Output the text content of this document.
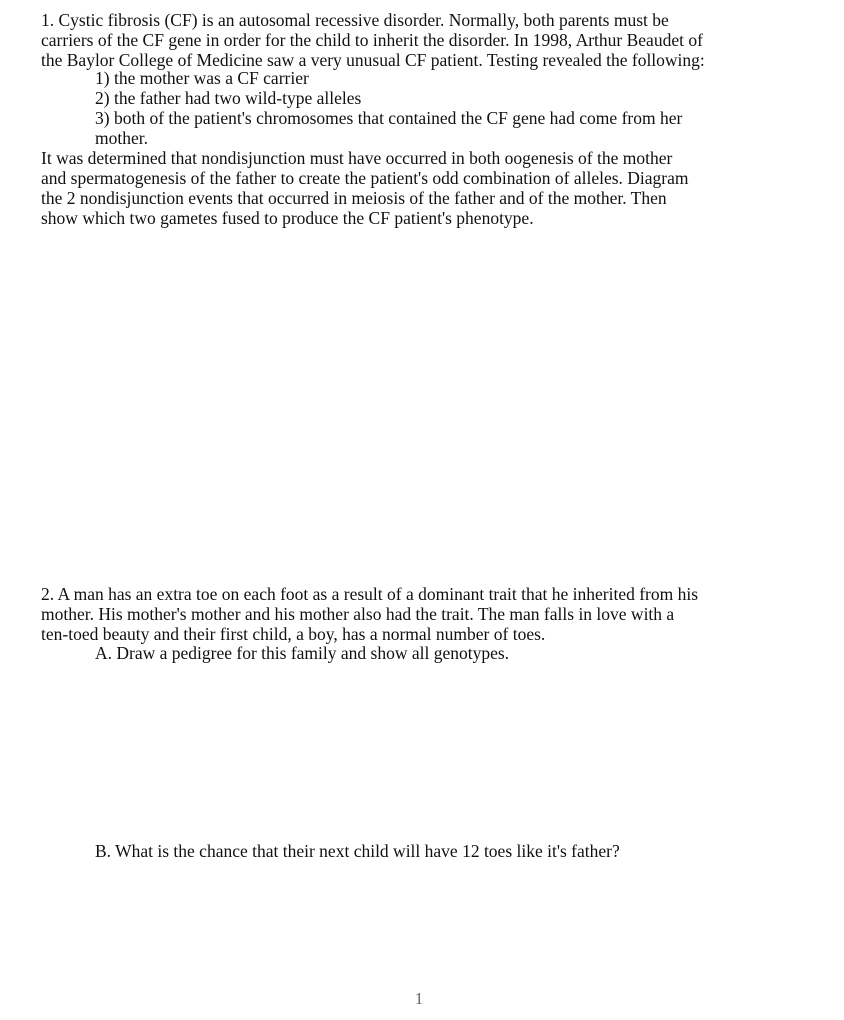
1. Cystic fibrosis (CF) is an autosomal recessive disorder. Normally, both parents must be
carriers of the CF gene in order for the child to inherit the disorder. In 1998, Arthur Beaudet of
the Baylor College of Medicine saw a very unusual CF patient. Testing revealed the following:
1) the mother was a CF carrier
2) the father had two wild-type alleles
3) both of the patient's chromosomes that contained the CF gene had come from her
mother.
It was determined that nondisjunction must have occurred in both oogenesis of the mother
and spermatogenesis of the father to create the patient's odd combination of alleles. Diagram
the 2 nondisjunction events that occurred in meiosis of the father and of the mother. Then
show which two gametes fused to produce the CF patient's phenotype.
2. A man has an extra toe on each foot as a result of a dominant trait that he inherited from his
mother. His mother's mother and his mother also had the trait. The man falls in love with a
ten-toed beauty and their first child, a boy, has a normal number of toes.
A. Draw a pedigree for this family and show all genotypes.
B. What is the chance that their next child will have 12 toes like it's father?
1
